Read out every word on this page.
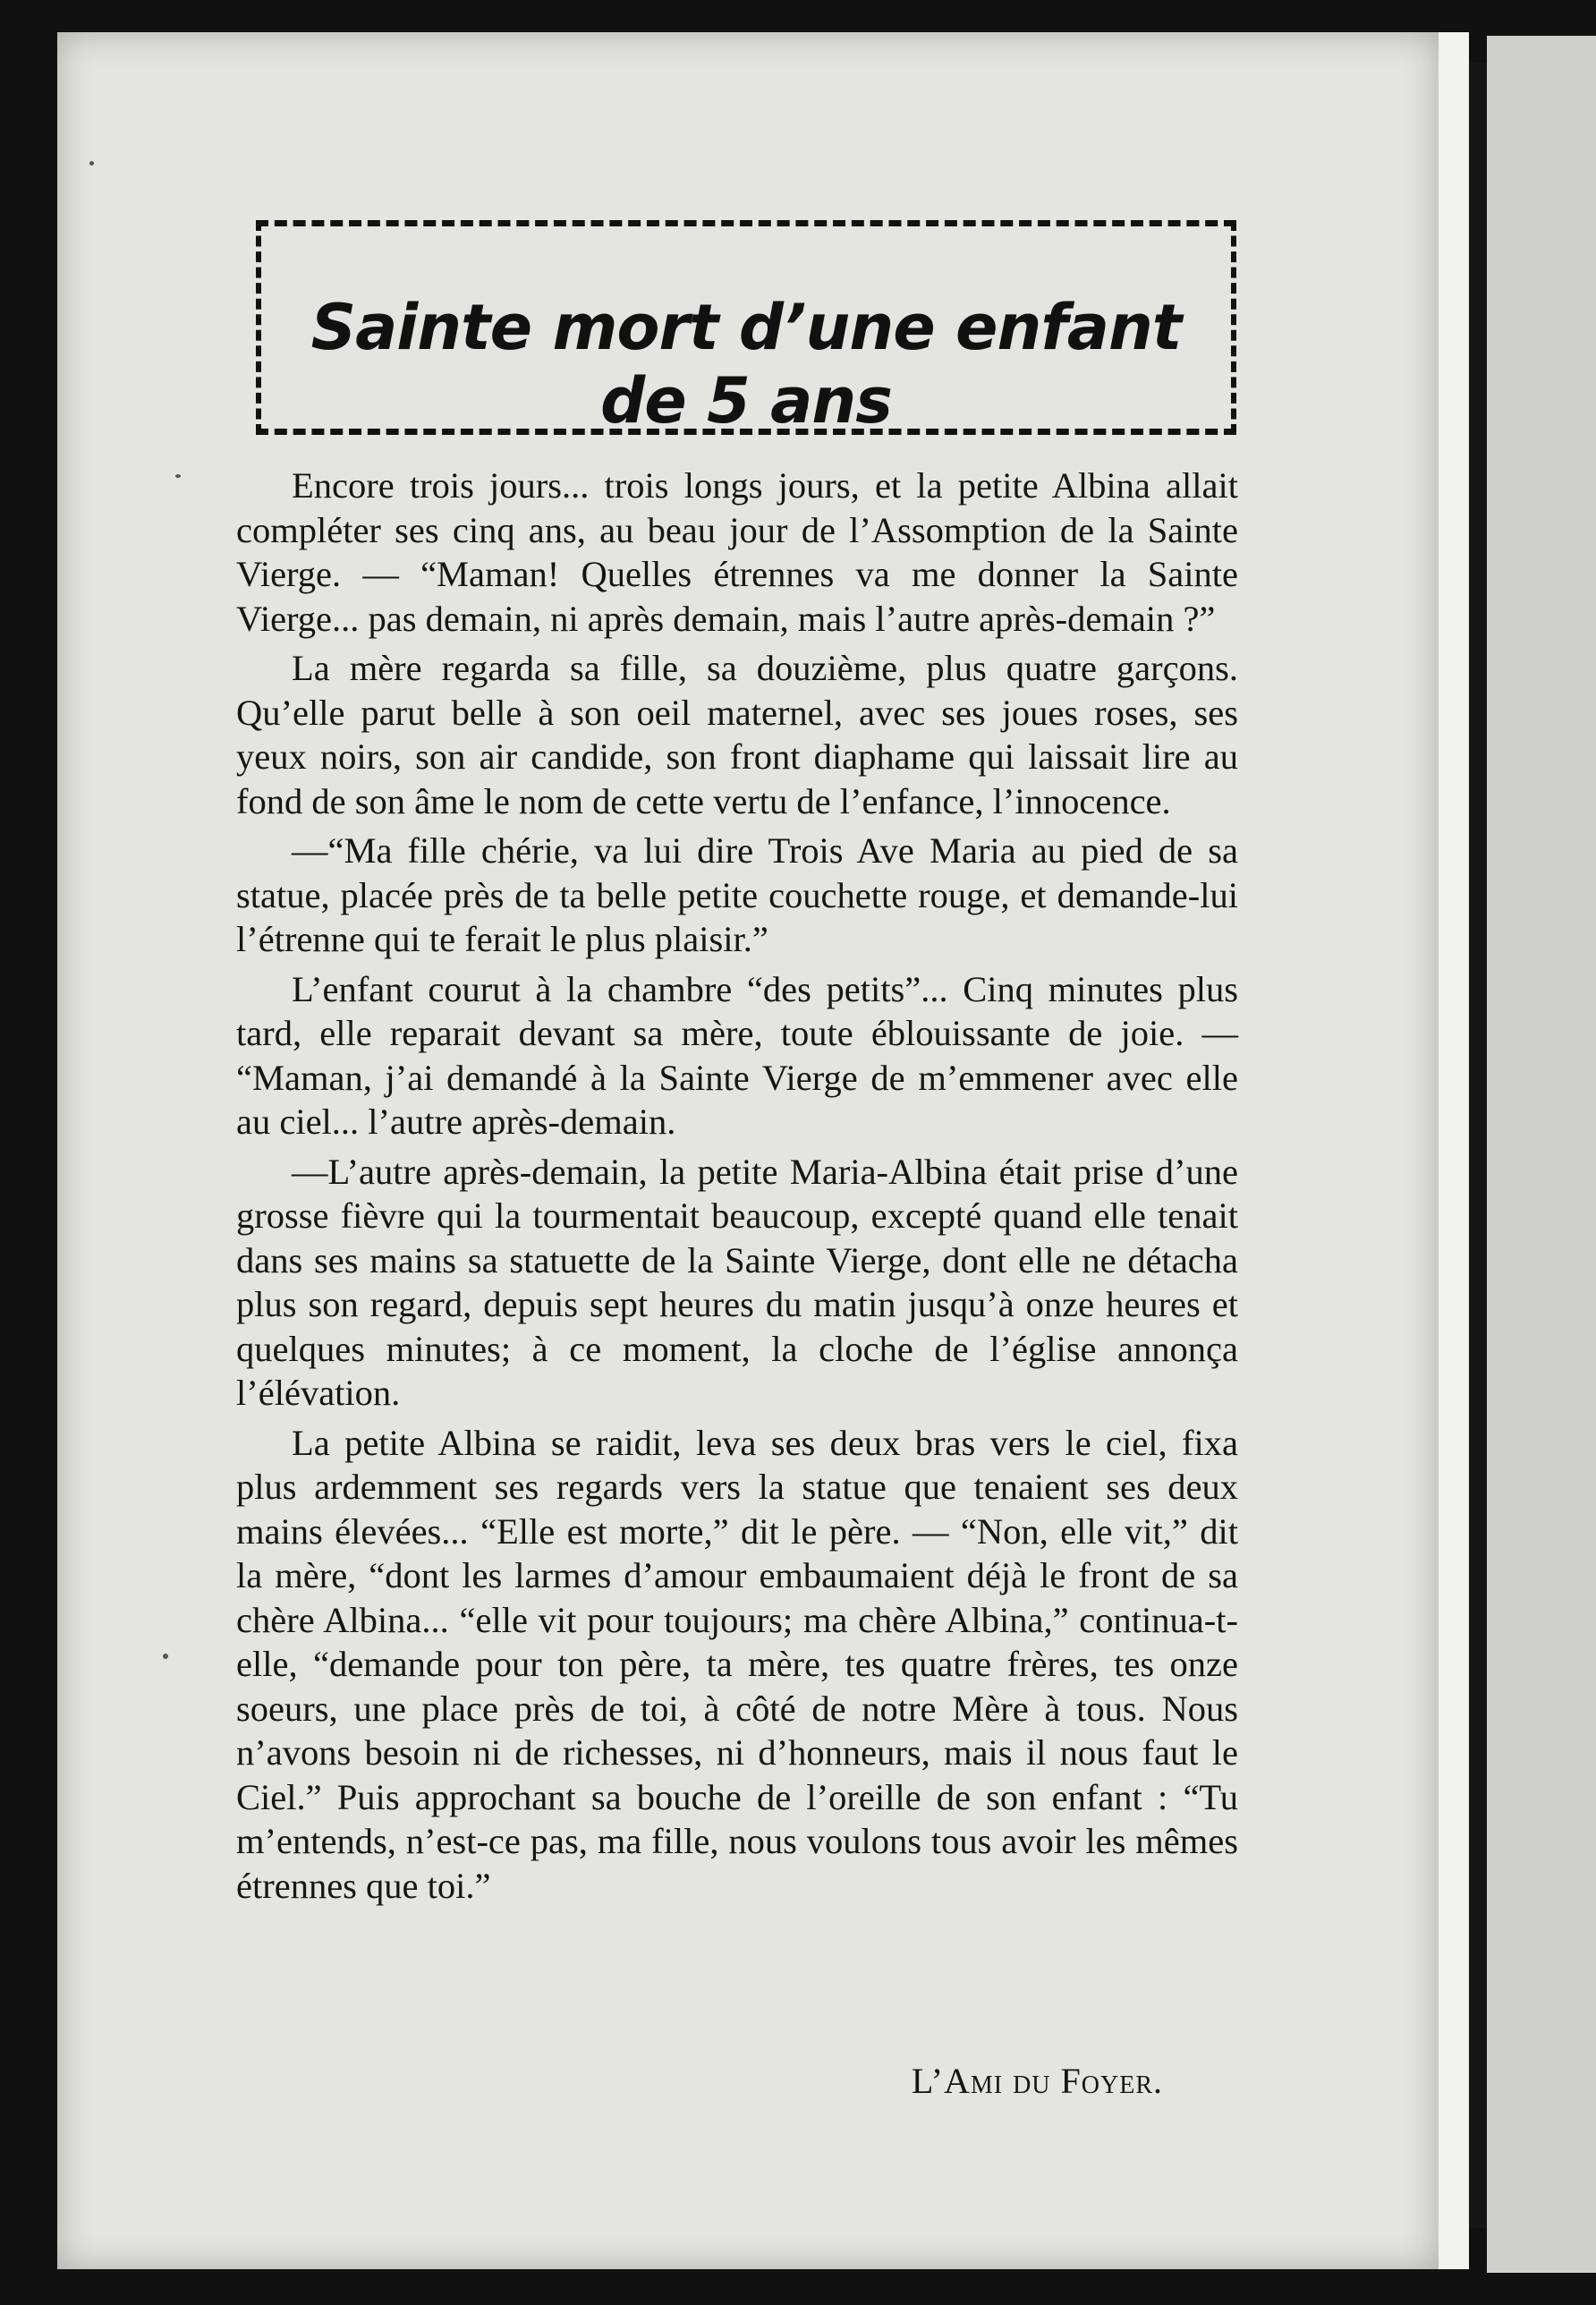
Sainte mort d’une enfant de 5 ans

Encore trois jours... trois longs jours, et la petite Albina allait compléter ses cinq ans, au beau jour de l’Assomption de la Sainte Vierge. — “Maman! Quelles étrennes va me donner la Sainte Vierge... pas demain, ni après demain, mais l’autre après-demain ?”

La mère regarda sa fille, sa douzième, plus quatre garçons. Qu’elle parut belle à son oeil maternel, avec ses joues roses, ses yeux noirs, son air candide, son front diaphame qui laissait lire au fond de son âme le nom de cette vertu de l’enfance, l’innocence.

—“Ma fille chérie, va lui dire Trois Ave Maria au pied de sa statue, placée près de ta belle petite couchette rouge, et demande-lui l’étrenne qui te ferait le plus plaisir.”

L’enfant courut à la chambre “des petits”... Cinq minutes plus tard, elle reparait devant sa mère, toute éblouissante de joie. — “Maman, j’ai demandé à la Sainte Vierge de m’emmener avec elle au ciel... l’autre après-demain.

—L’autre après-demain, la petite Maria-Albina était prise d’une grosse fièvre qui la tourmentait beaucoup, excepté quand elle tenait dans ses mains sa statuette de la Sainte Vierge, dont elle ne détacha plus son regard, depuis sept heures du matin jusqu’à onze heures et quelques minutes; à ce moment, la cloche de l’église annonça l’élévation.

La petite Albina se raidit, leva ses deux bras vers le ciel, fixa plus ardemment ses regards vers la statue que tenaient ses deux mains élevées... “Elle est morte,” dit le père. — “Non, elle vit,” dit la mère, “dont les larmes d’amour embaumaient déjà le front de sa chère Albina... “elle vit pour toujours; ma chère Albina,” continua-t-elle, “demande pour ton père, ta mère, tes quatre frères, tes onze soeurs, une place près de toi, à côté de notre Mère à tous. Nous n’avons besoin ni de richesses, ni d’honneurs, mais il nous faut le Ciel.” Puis approchant sa bouche de l’oreille de son enfant : “Tu m’entends, n’est-ce pas, ma fille, nous voulons tous avoir les mêmes étrennes que toi.”

L’Ami du Foyer.
